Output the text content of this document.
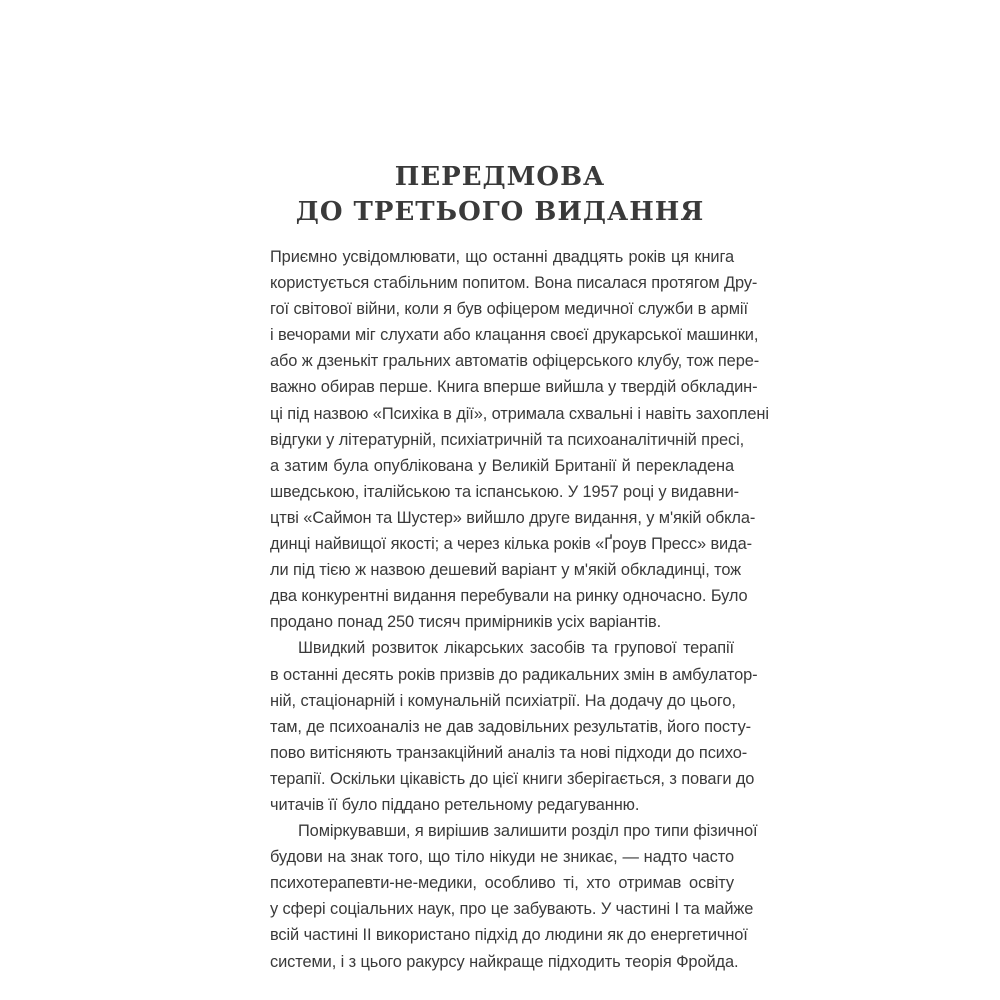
ПЕРЕДМОВА
ДО ТРЕТЬОГО ВИДАННЯ
Приємно усвідомлювати, що останні двадцять років ця книга
користується стабільним попитом. Вона писалася протягом Дру-
гої світової війни, коли я був офіцером медичної служби в армії
і вечорами міг слухати або клацання своєї друкарської машинки,
або ж дзенькіт гральних автоматів офіцерського клубу, тож пере-
важно обирав перше. Книга вперше вийшла у твердій обкладин-
ці під назвою «Психіка в дії», отримала схвальні і навіть захоплені
відгуки у літературній, психіатричній та психоаналітичній пресі,
а затим була опублікована у Великій Британії й перекладена
шведською, італійською та іспанською. У 1957 році у видавни-
цтві «Саймон та Шустер» вийшло друге видання, у м'якій обкла-
динці найвищої якості; а через кілька років «Ґроув Пресс» вида-
ли під тією ж назвою дешевий варіант у м'якій обкладинці, тож
два конкурентні видання перебували на ринку одночасно. Було
продано понад 250 тисяч примірників усіх варіантів.
Швидкий розвиток лікарських засобів та групової терапії
в останні десять років призвів до радикальних змін в амбулатор-
ній, стаціонарній і комунальній психіатрії. На додачу до цього,
там, де психоаналіз не дав задовільних результатів, його посту-
пово витісняють транзакційний аналіз та нові підходи до психо-
терапії. Оскільки цікавість до цієї книги зберігається, з поваги до
читачів її було піддано ретельному редагуванню.
Поміркувавши, я вирішив залишити розділ про типи фізичної
будови на знак того, що тіло нікуди не зникає, — надто часто
психотерапевти-не-медики, особливо ті, хто отримав освіту
у сфері соціальних наук, про це забувають. У частині І та майже
всій частині ІІ використано підхід до людини як до енергетичної
системи, і з цього ракурсу найкраще підходить теорія Фройда.
